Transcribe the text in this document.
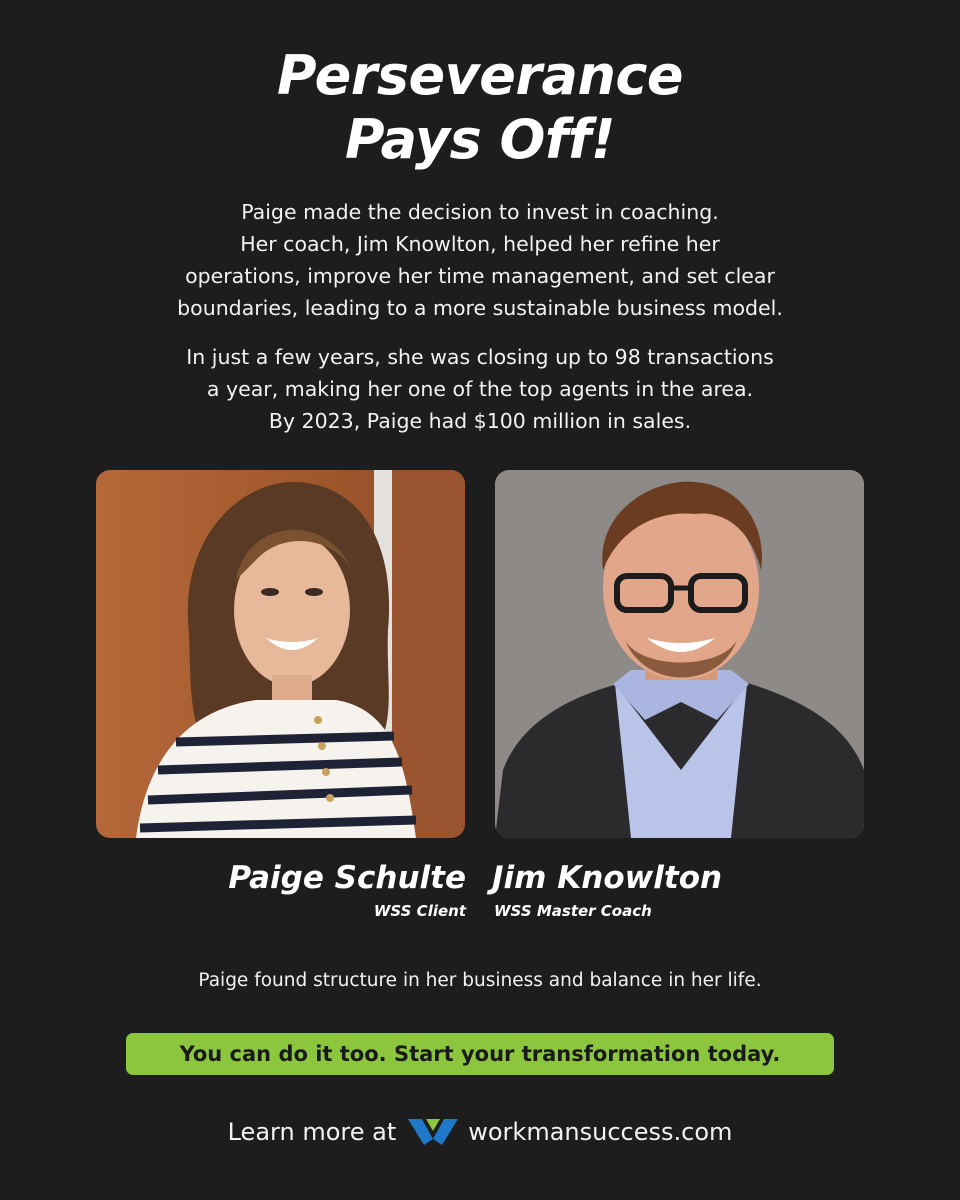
Perseverance
Pays Off!
Paige made the decision to invest in coaching.
Her coach, Jim Knowlton, helped her refine her
operations, improve her time management, and set clear
boundaries, leading to a more sustainable business model.
In just a few years, she was closing up to 98 transactions
a year, making her one of the top agents in the area.
By 2023, Paige had $100 million in sales.
Paige Schulte
WSS Client
Jim Knowlton
WSS Master Coach
Paige found structure in her business and balance in her life.
You can do it too. Start your transformation today.
Learn more at	workmansuccess.com
